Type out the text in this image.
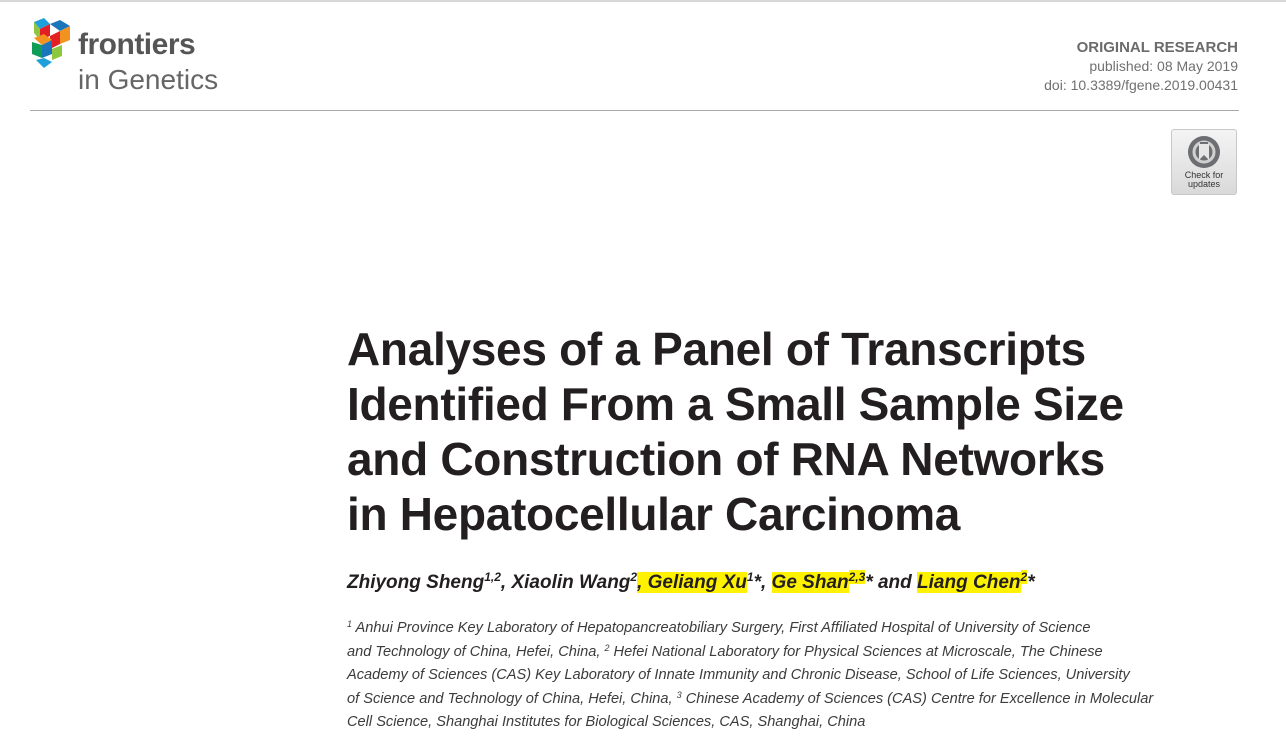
frontiers
in Genetics
ORIGINAL RESEARCH
published: 08 May 2019
doi: 10.3389/fgene.2019.00431
Check for
updates
Analyses of a Panel of Transcripts
Identified From a Small Sample Size
and Construction of RNA Networks
in Hepatocellular Carcinoma
Zhiyong Sheng$^{1,2}$, Xiaolin Wang$^2$, Geliang Xu$^1$*, Ge Shan$^{2,3}$* and Liang Chen$^2$*
$^1$ Anhui Province Key Laboratory of Hepatopancreatobiliary Surgery, First Affiliated Hospital of University of Science
and Technology of China, Hefei, China, $^2$ Hefei National Laboratory for Physical Sciences at Microscale, The Chinese
Academy of Sciences (CAS) Key Laboratory of Innate Immunity and Chronic Disease, School of Life Sciences, University
of Science and Technology of China, Hefei, China, $^3$ Chinese Academy of Sciences (CAS) Centre for Excellence in Molecular
Cell Science, Shanghai Institutes for Biological Sciences, CAS, Shanghai, China
